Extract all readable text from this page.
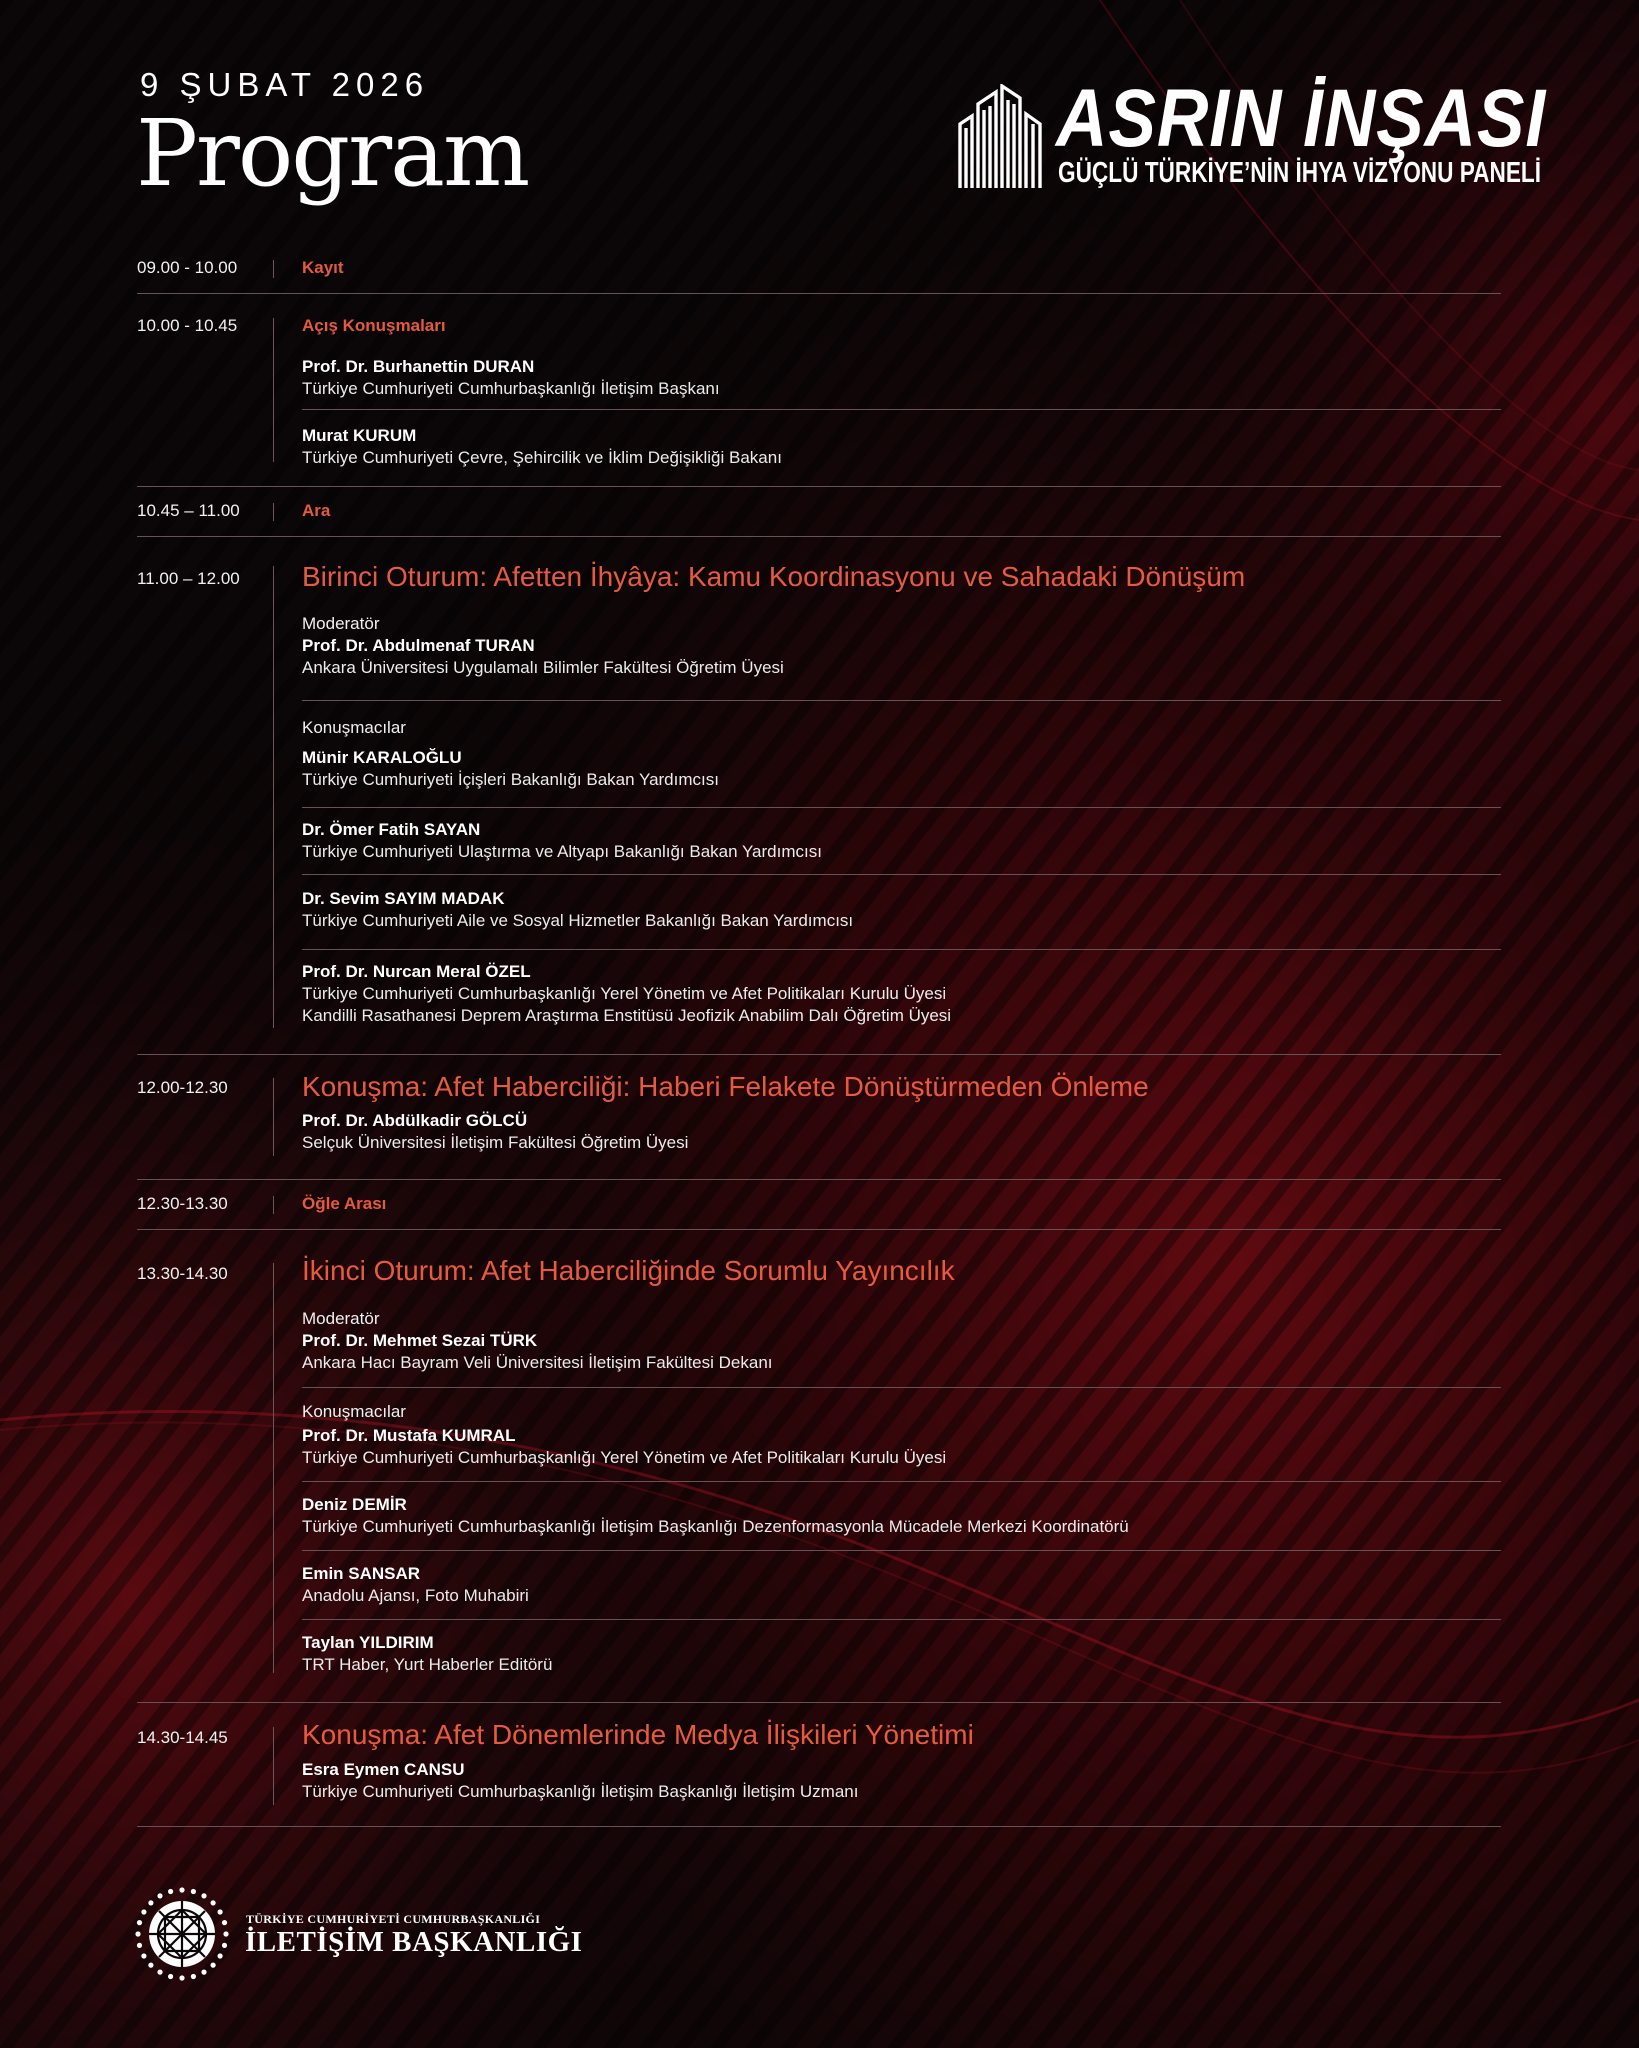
9 ŞUBAT 2026
Program	ASRIN İNŞASI
GÜÇLÜ TÜRKİYE’NİN İHYA VİZYONU PANELİ
09.00 - 10.00	Kayıt
10.00 - 10.45	Açış Konuşmaları
Prof. Dr. Burhanettin DURAN
Türkiye Cumhuriyeti Cumhurbaşkanlığı İletişim Başkanı
Murat KURUM
Türkiye Cumhuriyeti Çevre, Şehircilik ve İklim Değişikliği Bakanı
10.45 – 11.00	Ara
11.00 – 12.00 Birinci Oturum: Afetten İhyâya: Kamu Koordinasyonu ve Sahadaki Dönüşüm
Moderatör
Prof. Dr. Abdulmenaf TURAN
Ankara Üniversitesi Uygulamalı Bilimler Fakültesi Öğretim Üyesi
Konuşmacılar
Münir KARALOĞLU
Türkiye Cumhuriyeti İçişleri Bakanlığı Bakan Yardımcısı
Dr. Ömer Fatih SAYAN
Türkiye Cumhuriyeti Ulaştırma ve Altyapı Bakanlığı Bakan Yardımcısı
Dr. Sevim SAYIM MADAK
Türkiye Cumhuriyeti Aile ve Sosyal Hizmetler Bakanlığı Bakan Yardımcısı
Prof. Dr. Nurcan Meral ÖZEL
Türkiye Cumhuriyeti Cumhurbaşkanlığı Yerel Yönetim ve Afet Politikaları Kurulu Üyesi
Kandilli Rasathanesi Deprem Araştırma Enstitüsü Jeofizik Anabilim Dalı Öğretim Üyesi
12.00-12.30	Konuşma: Afet Haberciliği: Haberi Felakete Dönüştürmeden Önleme
Prof. Dr. Abdülkadir GÖLCÜ
Selçuk Üniversitesi İletişim Fakültesi Öğretim Üyesi
12.30-13.30	Öğle Arası
13.30-14.30	İkinci Oturum: Afet Haberciliğinde Sorumlu Yayıncılık
Moderatör
Prof. Dr. Mehmet Sezai TÜRK
Ankara Hacı Bayram Veli Üniversitesi İletişim Fakültesi Dekanı
Konuşmacılar
Prof. Dr. Mustafa KUMRAL
Türkiye Cumhuriyeti Cumhurbaşkanlığı Yerel Yönetim ve Afet Politikaları Kurulu Üyesi
Deniz DEMİR
Türkiye Cumhuriyeti Cumhurbaşkanlığı İletişim Başkanlığı Dezenformasyonla Mücadele Merkezi Koordinatörü
Emin SANSAR
Anadolu Ajansı, Foto Muhabiri
Taylan YILDIRIM
TRT Haber, Yurt Haberler Editörü
14.30-14.45	Konuşma: Afet Dönemlerinde Medya İlişkileri Yönetimi
Esra Eymen CANSU
Türkiye Cumhuriyeti Cumhurbaşkanlığı İletişim Başkanlığı İletişim Uzmanı
TÜRKİYE CUMHURİYETİ CUMHURBAŞKANLIĞI
İLETİŞİM BAŞKANLIĞI
